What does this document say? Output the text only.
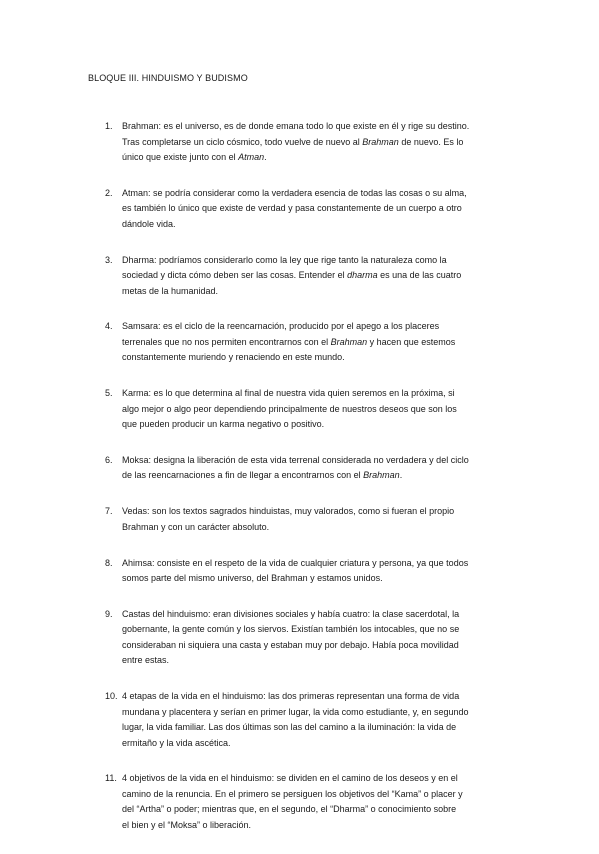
BLOQUE III. HINDUISMO Y BUDISMO
1.	Brahman: es el universo, es de donde emana todo lo que existe en él y rige su destino.
Tras completarse un ciclo cósmico, todo vuelve de nuevo al Brahman de nuevo. Es lo
único que existe junto con el Atman.
2.	Atman: se podría considerar como la verdadera esencia de todas las cosas o su alma,
es también lo único que existe de verdad y pasa constantemente de un cuerpo a otro
dándole vida.
3.	Dharma: podríamos considerarlo como la ley que rige tanto la naturaleza como la
sociedad y dicta cómo deben ser las cosas. Entender el dharma es una de las cuatro
metas de la humanidad.
4.	Samsara: es el ciclo de la reencarnación, producido por el apego a los placeres
terrenales que no nos permiten encontrarnos con el Brahman y hacen que estemos
constantemente muriendo y renaciendo en este mundo.
5.	Karma: es lo que determina al final de nuestra vida quien seremos en la próxima, si
algo mejor o algo peor dependiendo principalmente de nuestros deseos que son los
que pueden producir un karma negativo o positivo.
6.	Moksa: designa la liberación de esta vida terrenal considerada no verdadera y del ciclo
de las reencarnaciones a fin de llegar a encontrarnos con el Brahman.
7.	Vedas: son los textos sagrados hinduistas, muy valorados, como si fueran el propio
Brahman y con un carácter absoluto.
8.	Ahimsa: consiste en el respeto de la vida de cualquier criatura y persona, ya que todos
somos parte del mismo universo, del Brahman y estamos unidos.
9.	Castas del hinduismo: eran divisiones sociales y había cuatro: la clase sacerdotal, la
gobernante, la gente común y los siervos. Existían también los intocables, que no se
consideraban ni siquiera una casta y estaban muy por debajo. Había poca movilidad
entre estas.
10. 4 etapas de la vida en el hinduismo: las dos primeras representan una forma de vida
mundana y placentera y serían en primer lugar, la vida como estudiante, y, en segundo
lugar, la vida familiar. Las dos últimas son las del camino a la iluminación: la vida de
ermitaño y la vida ascética.
11. 4 objetivos de la vida en el hinduismo: se dividen en el camino de los deseos y en el
camino de la renuncia. En el primero se persiguen los objetivos del “Kama” o placer y
del “Artha” o poder; mientras que, en el segundo, el “Dharma” o conocimiento sobre
el bien y el “Moksa” o liberación.
